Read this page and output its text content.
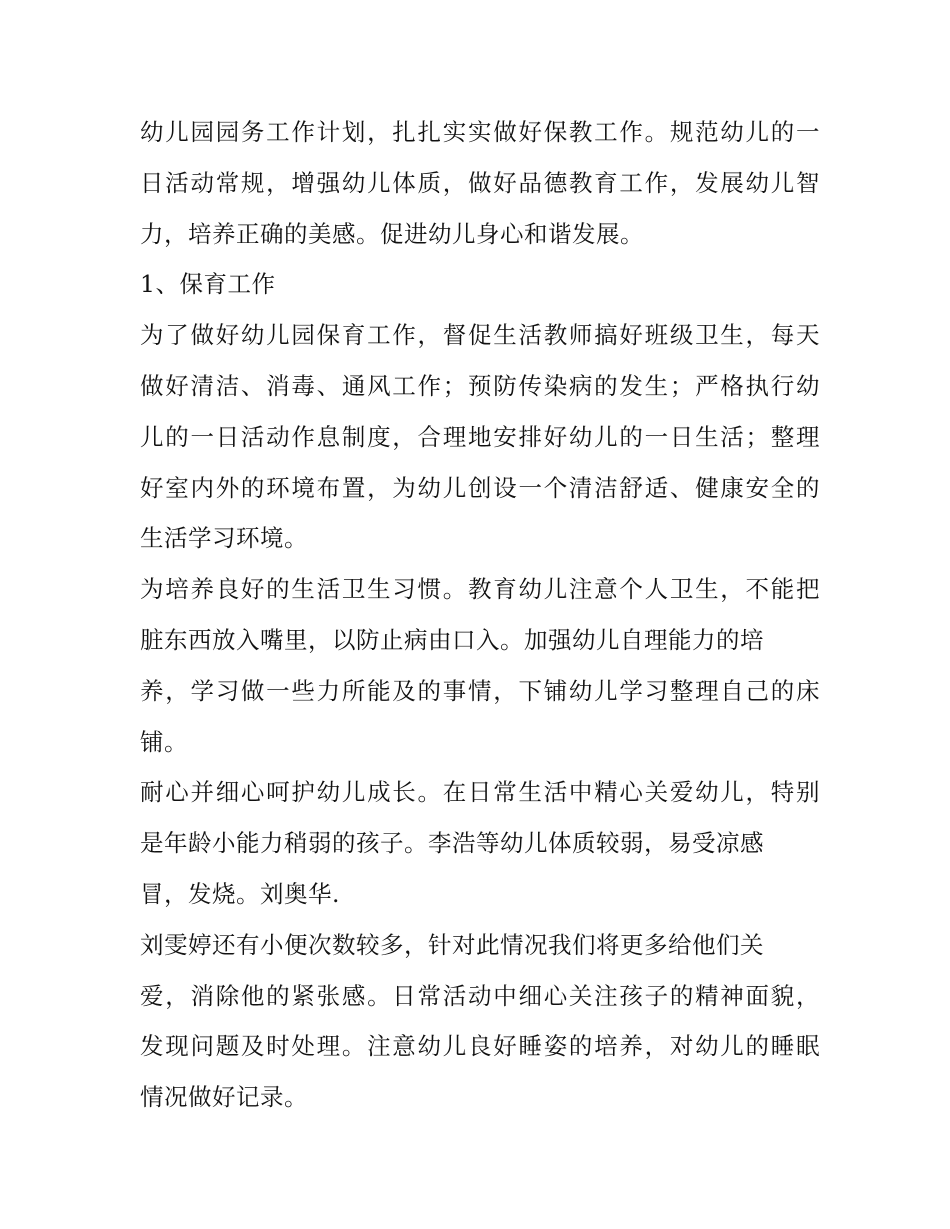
幼儿园园务工作计划，扎扎实实做好保教工作。规范幼儿的一
日活动常规，增强幼儿体质，做好品德教育工作，发展幼儿智
力，培养正确的美感。促进幼儿身心和谐发展。
1、保育工作
为了做好幼儿园保育工作，督促生活教师搞好班级卫生，每天
做好清洁、消毒、通风工作；预防传染病的发生；严格执行幼
儿的一日活动作息制度，合理地安排好幼儿的一日生活；整理
好室内外的环境布置，为幼儿创设一个清洁舒适、健康安全的
生活学习环境。
为培养良好的生活卫生习惯。教育幼儿注意个人卫生，不能把
脏东西放入嘴里，以防止病由口入。加强幼儿自理能力的培
养，学习做一些力所能及的事情，下铺幼儿学习整理自己的床
铺。
耐心并细心呵护幼儿成长。在日常生活中精心关爱幼儿，特别
是年龄小能力稍弱的孩子。李浩等幼儿体质较弱，易受凉感
冒，发烧。刘奥华.
刘雯婷还有小便次数较多，针对此情况我们将更多给他们关
爱，消除他的紧张感。日常活动中细心关注孩子的精神面貌，
发现问题及时处理。注意幼儿良好睡姿的培养，对幼儿的睡眠
情况做好记录。
